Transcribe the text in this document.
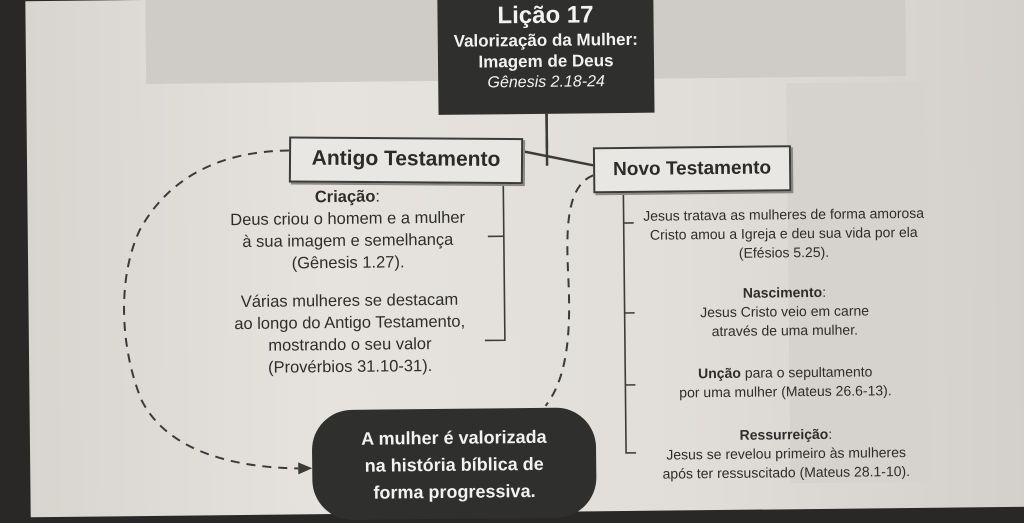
Lição 17
Valorização da Mulher:
Imagem de Deus
Gênesis 2.18-24
Antigo Testamento	Novo Testamento
Criação:
Deus criou o homem e a mulher
à sua imagem e semelhança
(Gênesis 1.27).
Várias mulheres se destacam
ao longo do Antigo Testamento,
mostrando o seu valor
(Provérbios 31.10-31).
Jesus tratava as mulheres de forma amorosa
Cristo amou a Igreja e deu sua vida por ela
(Efésios 5.25).
Nascimento:
Jesus Cristo veio em carne
através de uma mulher.
Unção para o sepultamento
por uma mulher (Mateus 26.6-13).
Ressurreição:
Jesus se revelou primeiro às mulheres
após ter ressuscitado (Mateus 28.1-10).
A mulher é valorizada
na história bíblica de
forma progressiva.
